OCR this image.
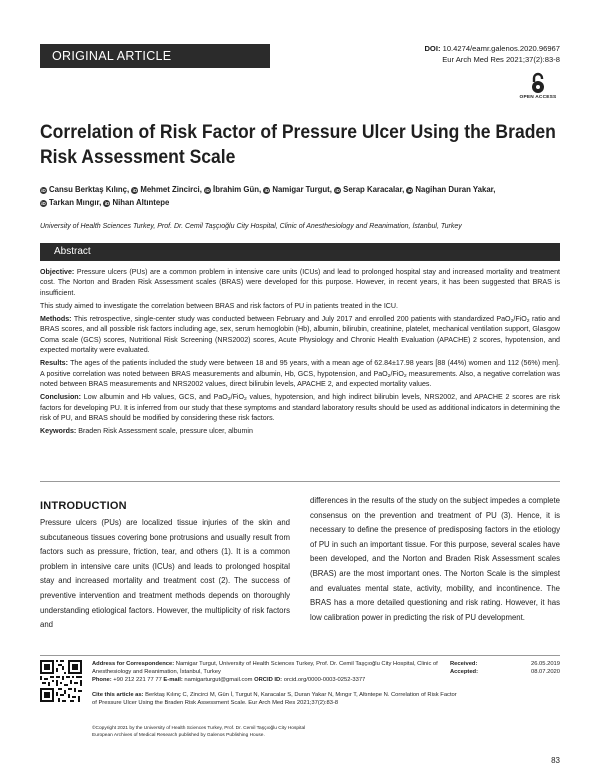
ORIGINAL ARTICLE
DOI: 10.4274/eamr.galenos.2020.96967
Eur Arch Med Res 2021;37(2):83-8
OPEN ACCESS
Correlation of Risk Factor of Pressure Ulcer Using the Braden Risk Assessment Scale
iD Cansu Berktaş Kılınç, iD Mehmet Zincirci, iD İbrahim Gün, iD Namigar Turgut, iD Serap Karacalar, iD Nagihan Duran Yakar,
iD Tarkan Mıngır, iD Nihan Altıntepe
University of Health Sciences Turkey, Prof. Dr. Cemil Taşçıoğlu City Hospital, Clinic of Anesthesiology and Reanimation, İstanbul, Turkey
Abstract

Objective: Pressure ulcers (PUs) are a common problem in intensive care units (ICUs) and lead to prolonged hospital stay and increased mortality and treatment cost. The Norton and Braden Risk Assessment scales (BRAS) were developed for this purpose. However, in recent years, it has been suggested that BRAS is insufficient.

This study aimed to investigate the correlation between BRAS and risk factors of PU in patients treated in the ICU.

Methods: This retrospective, single-center study was conducted between February and July 2017 and enrolled 200 patients with standardized PaO$_2$/FiO$_2$ ratio and BRAS scores, and all possible risk factors including age, sex, serum hemoglobin (Hb), albumin, bilirubin, creatinine, platelet, mechanical ventilation support, Glasgow Coma scale (GCS) scores, Nutritional Risk Screening (NRS2002) scores, Acute Physiology and Chronic Health Evaluation (APACHE) 2 scores, hypotension, and expected mortality were evaluated.

Results: The ages of the patients included the study were between 18 and 95 years, with a mean age of 62.84±17.98 years [88 (44%) women and 112 (56%) men]. A positive correlation was noted between BRAS measurements and albumin, Hb, GCS, hypotension, and PaO$_2$/FiO$_2$ measurements. Also, a negative correlation was noted between BRAS measurements and NRS2002 values, direct bilirubin levels, APACHE 2, and expected mortality values.

Conclusion: Low albumin and Hb values, GCS, and PaO$_2$/FiO$_2$ values, hypotension, and high indirect bilirubin levels, NRS2002, and APACHE 2 scores are risk factors for developing PU. It is inferred from our study that these symptoms and standard laboratory results should be used as additional indicators in determining the risk of PU, and BRAS should be modified by considering these risk factors.

Keywords: Braden Risk Assessment scale, pressure ulcer, albumin

INTRODUCTION
Pressure ulcers (PUs) are localized tissue injuries of the skin and subcutaneous tissues covering bone protrusions and usually result from factors such as pressure, friction, tear, and others (1). It is a common problem in intensive care units (ICUs) and leads to prolonged hospital stay and increased mortality and treatment cost (2). The success of preventive intervention and treatment methods depends on thoroughly understanding etiological factors. However, the multiplicity of risk factors and
differences in the results of the study on the subject impedes a complete consensus on the prevention and treatment of PU (3). Hence, it is necessary to define the presence of predisposing factors in the etiology of PU in such an important tissue. For this purpose, several scales have been developed, and the Norton and Braden Risk Assessment scales (BRAS) are the most important ones. The Norton Scale is the simplest and evaluates mental state, activity, mobility, and incontinence. The BRAS has a more detailed questioning and risk rating. However, it has low calibration power in predicting the risk of PU development.
Address for Correspondence: Namigar Turgut, University of Health Sciences Turkey, Prof. Dr. Cemil Taşçıoğlu City Hospital, Clinic of Anesthesiology and Reanimation, İstanbul, Turkey
Phone: +90 212 221 77 77 E-mail: namigarturgut@gmail.com ORCID ID: orcid.org/0000-0003-0252-3377
Cite this article as: Berktaş Kılınç C, Zincirci M, Gün İ, Turgut N, Karacalar S, Duran Yakar N, Mıngır T, Altıntepe N. Correlation of Risk Factor of Pressure Ulcer Using the Braden Risk Assessment Scale. Eur Arch Med Res 2021;37(2):83-8
©Copyright 2021 by the University of Health Sciences Turkey, Prof. Dr. Cemil Taşçıoğlu City Hospital
European Archives of Medical Research published by Galenos Publishing House.
Received:	26.05.2019
Accepted:	08.07.2020
83
